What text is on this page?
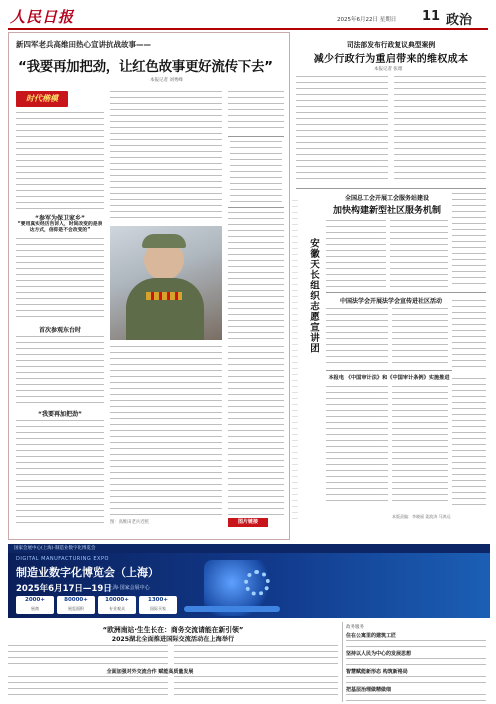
人民日报	2025年6月22日 星期日 11 政治
新四军老兵高维田热心宣讲抗战故事——
“我要再加把劲，让红色故事更好流传下去”
本报记者 刘秀峰
时代楷模
“参军为保卫家乡”
“要用真实经历告诉人，时间改变的是表达方式，信仰是不会改变的”
首次参观东台时
“我要再加把劲”
图：高维田老兵近照	图片链接
安徽天长组织志愿宣讲团
司法部发布行政复议典型案例
减少行政行为重启带来的维权成本
本报记者 张璁
全国总工会开展工会服务站建设
加快构建新型社区服务机制
中国法学会开展法学会宣传进社区活动
本报电 《中国审计法》和《中国审计条例》实施推进
本版责编：李晓丽 姜波涛 马鸿远
国家会展中心(上海)·制造业数字化博览会
DIGITAL MANUFACTURING EXPO
制造业数字化博览会（上海）
2025年6月17日—19日
上海·国家会展中心
2000+
展商
80000+
展览面积
10000+
专业观众
1300+
国际买家
“欧洲南站·生生长在：商务交流请能在新引领”
2025湖北全面推进国际交流活动在上海举行
全面加强对外交流合作 赋能高质量发展
政务服务
住在公寓里的建筑工匠
坚持以人民为中心的发展思想
智慧赋能新形态 构筑新格局
把基层治理做精做细
